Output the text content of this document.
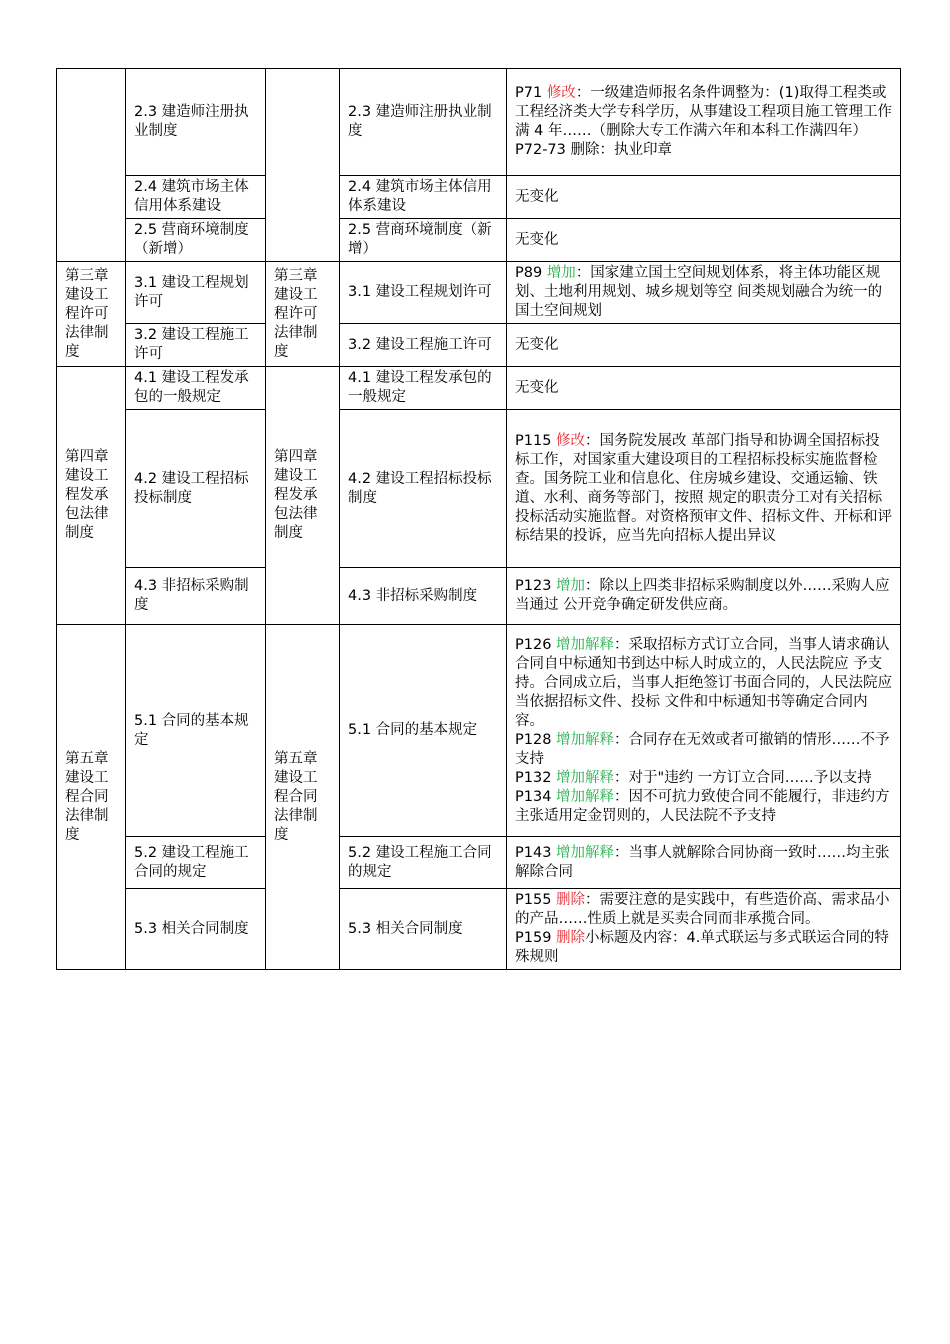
	2.3 建造师注册执业制度		2.3 建造师注册执业制度	P71 修改：一级建造师报名条件调整为：(1)取得工程类或工程经济类大学专科学历，从事建设工程项目施工管理工作满 4 年……（删除大专工作满六年和本科工作满四年）
P72-73 删除：执业印章

	2.4 建筑市场主体信用体系建设		2.4 建筑市场主体信用体系建设	无变化
	2.5 营商环境制度（新增）		2.5 营商环境制度（新增）	无变化
第三章建设工程许可法律制度	3.1 建设工程规划许可	第三章建设工程许可法律制度	3.1 建设工程规划许可	P89 增加：国家建立国土空间规划体系，将主体功能区规划、土地利用规划、城乡规划等空 间类规划融合为统一的国土空间规划
	3.2 建设工程施工许可		3.2 建设工程施工许可	无变化
第四章建设工程发承包法律制度	4.1 建设工程发承包的一般规定	第四章建设工程发承包法律制度	4.1 建设工程发承包的一般规定	无变化
	4.2 建设工程招标投标制度		4.2 建设工程招标投标制度	P115 修改：国务院发展改 革部门指导和协调全国招标投标工作，对国家重大建设项目的工程招标投标实施监督检查。国务院工业和信息化、住房城乡建设、交通运输、铁道、水利、商务等部门，按照 规定的职责分工对有关招标投标活动实施监督。对资格预审文件、招标文件、开标和评 标结果的投诉，应当先向招标人提出异议
	4.3 非招标采购制度		4.3 非招标采购制度	P123 增加：除以上四类非招标采购制度以外……采购人应当通过 公开竞争确定研发供应商。
第五章建设工程合同法律制度	5.1 合同的基本规定	第五章建设工程合同法律制度	5.1 合同的基本规定	P126 增加解释：采取招标方式订立合同，当事人请求确认合同自中标通知书到达中标人时成立的，人民法院应 予支持。合同成立后，当事人拒绝签订书面合同的，人民法院应当依据招标文件、投标 文件和中标通知书等确定合同内容。
P128 增加解释：合同存在无效或者可撤销的情形……不予支持
P132 增加解释：对于"违约 一方订立合同……予以支持
P134 增加解释：因不可抗力致使合同不能履行，非违约方主张适用定金罚则的，人民法院不予支持

	5.2 建设工程施工合同的规定		5.2 建设工程施工合同的规定	P143 增加解释：当事人就解除合同协商一致时……均主张解除合同
	5.3 相关合同制度		5.3 相关合同制度	P155 删除：需要注意的是实践中，有些造价高、需求品小的产品……性质上就是买卖合同而非承揽合同。
P159 删除小标题及内容：4.单式联运与多式联运合同的特殊规则
